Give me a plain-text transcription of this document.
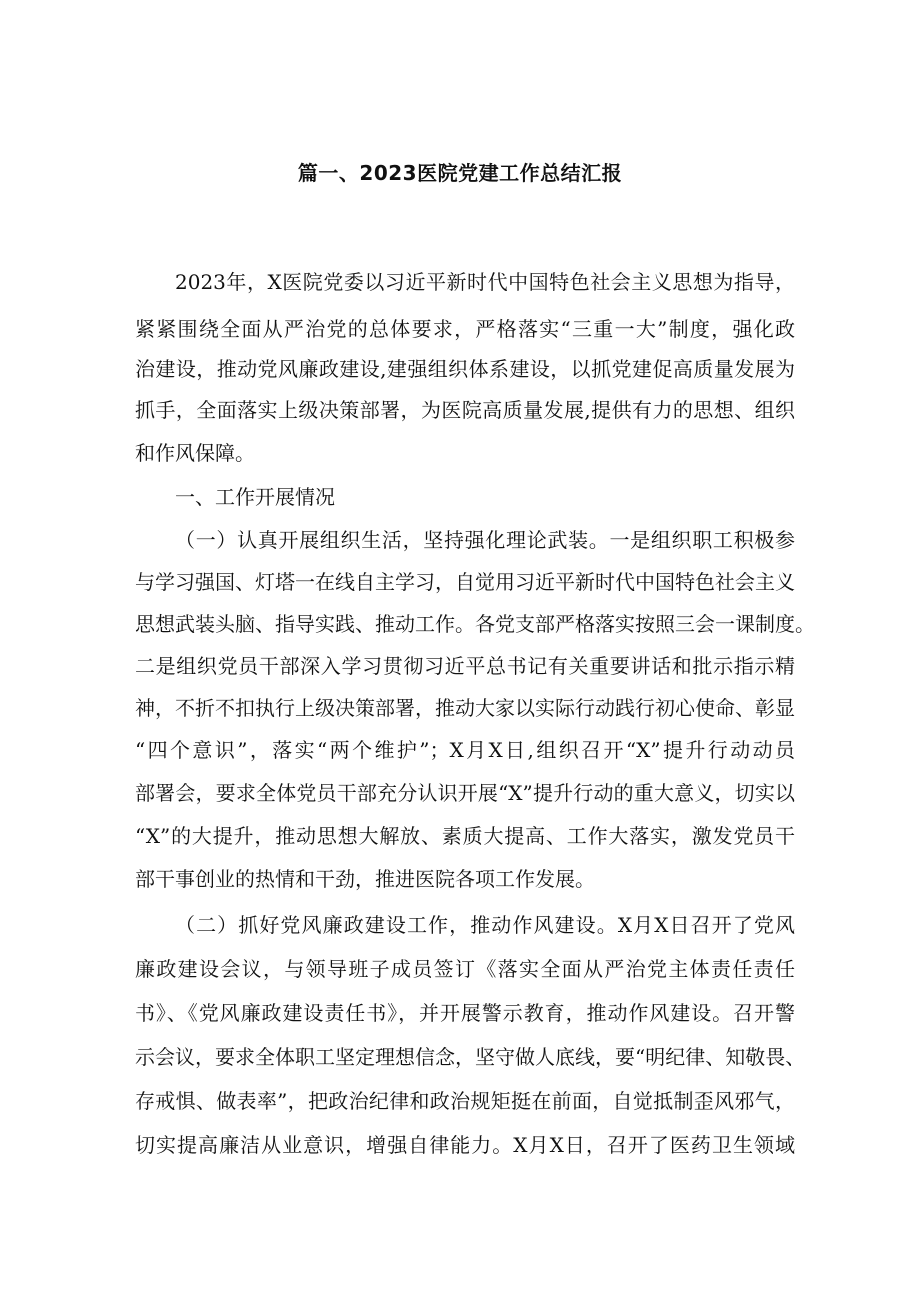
篇一、2023医院党建工作总结汇报
2023年，X医院党委以习近平新时代中国特色社会主义思想为指导，
紧紧围绕全面从严治党的总体要求，严格落实“三重一大”制度，强化政
治建设，推动党风廉政建设,建强组织体系建设，以抓党建促高质量发展为
抓手，全面落实上级决策部署，为医院高质量发展,提供有力的思想、组织
和作风保障。
一、工作开展情况
（一）认真开展组织生活，坚持强化理论武装。一是组织职工积极参
与学习强国、灯塔一在线自主学习，自觉用习近平新时代中国特色社会主义
思想武装头脑、指导实践、推动工作。各党支部严格落实按照三会一课制度。
二是组织党员干部深入学习贯彻习近平总书记有关重要讲话和批示指示精
神，不折不扣执行上级决策部署，推动大家以实际行动践行初心使命、彰显
“四个意识”，落实“两个维护”；X月X日,组织召开“X”提升行动动员
部署会，要求全体党员干部充分认识开展“X”提升行动的重大意义，切实以
“X”的大提升，推动思想大解放、素质大提高、工作大落实，激发党员干
部干事创业的热情和干劲，推进医院各项工作发展。
（二）抓好党风廉政建设工作，推动作风建设。X月X日召开了党风
廉政建设会议，与领导班子成员签订《落实全面从严治党主体责任责任
书》、《党风廉政建设责任书》，并开展警示教育，推动作风建设。召开警
示会议，要求全体职工坚定理想信念，坚守做人底线，要“明纪律、知敬畏、
存戒惧、做表率”，把政治纪律和政治规矩挺在前面，自觉抵制歪风邪气，
切实提高廉洁从业意识，增强自律能力。X月X日，召开了医药卫生领域
